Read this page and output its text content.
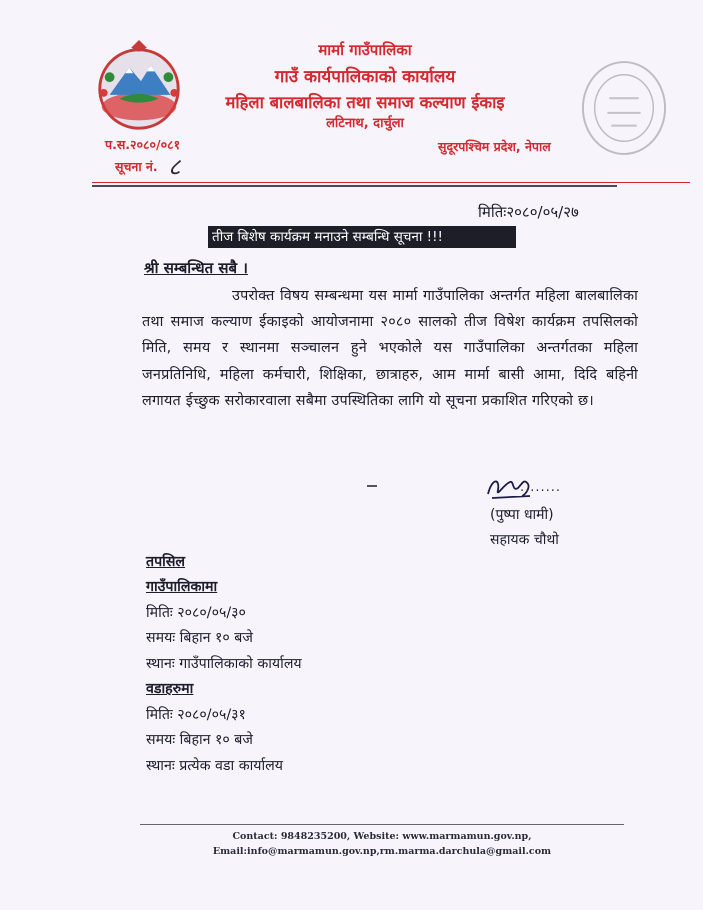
मार्मा गाउँपालिका
गाउँ कार्यपालिकाको कार्यालय
महिला बालबालिका तथा समाज कल्याण ईकाइ
लटिनाथ, दार्चुला
प.स.२०८०/०८१
सूचना नं. ८
सुदूरपश्चिम प्रदेश, नेपाल
मितिः२०८०/०५/२७
तीज बिशेष कार्यक्रम मनाउने सम्बन्धि सूचना !!!
श्री सम्बन्धित सबै ।

उपरोक्त विषय सम्बन्धमा यस मार्मा गाउँपालिका अन्तर्गत महिला बालबालिका तथा समाज कल्याण ईकाइको आयोजनामा २०८० सालको तीज विषेश कार्यक्रम तपसिलको मिति, समय र स्थानमा सञ्चालन हुने भएकोले यस गाउँपालिका अन्तर्गतका महिला जनप्रतिनिधि, महिला कर्मचारी, शिक्षिका, छात्राहरु, आम मार्मा बासी आमा, दिदि बहिनी लगायत ईच्छुक सरोकारवाला सबैमा उपस्थितिका लागि यो सूचना प्रकाशित गरिएको छ।

........
(पुष्पा धामी)
सहायक चौथो
तपसिल
गाउँपालिकामा
मितिः २०८०/०५/३०
समयः बिहान १० बजे
स्थानः गाउँपालिकाको कार्यालय
वडाहरुमा
मितिः २०८०/०५/३१
समयः बिहान १० बजे
स्थानः प्रत्येक वडा कार्यालय
Contact: 9848235200, Website: www.marmamun.gov.np,
Email:info@marmamun.gov.np,rm.marma.darchula@gmail.com
